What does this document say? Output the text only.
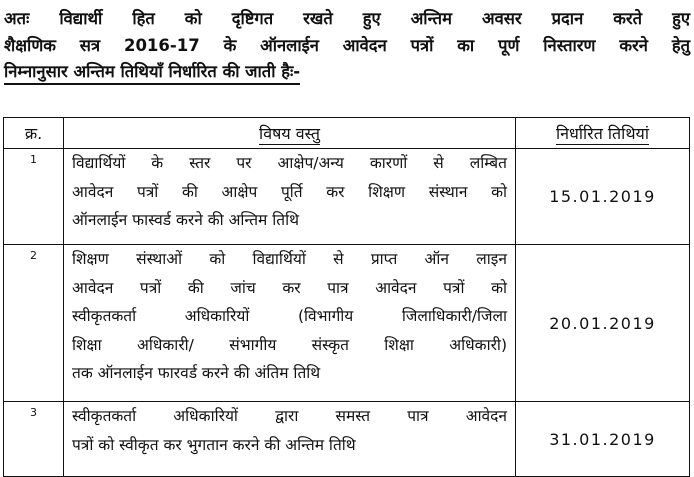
अतः विद्यार्थी हित को दृष्टिगत रखते हुए अन्तिम अवसर प्रदान करते हुए
शैक्षणिक सत्र 2016-17 के ऑनलाईन आवेदन पत्रों का पूर्ण निस्तारण करने हेतु
निम्नानुसार अन्तिम तिथियाँ निर्धारित की जाती हैः-
क्र.	विषय वस्तु	निर्धारित तिथियां
1	विद्यार्थियों के स्तर पर आक्षेप/अन्य कारणों से लम्बित
आवेदन पत्रों की आक्षेप पूर्ति कर शिक्षण संस्थान को
ऑनलाईन फास्वर्ड करने की अन्तिम तिथि	15.01.2019
2	शिक्षण संस्थाओं को विद्यार्थियों से प्राप्त ऑन लाइन
आवेदन पत्रों की जांच कर पात्र आवेदन पत्रों को
स्वीकृतकर्ता अधिकारियों (विभागीय जिलाधिकारी/जिला
शिक्षा अधिकारी/ संभागीय संस्कृत शिक्षा अधिकारी)
तक ऑनलाईन फारवर्ड करने की अंतिम तिथि	20.01.2019
3	स्वीकृतकर्ता अधिकारियों द्वारा समस्त पात्र आवेदन
पत्रों को स्वीकृत कर भुगतान करने की अन्तिम तिथि	31.01.2019
